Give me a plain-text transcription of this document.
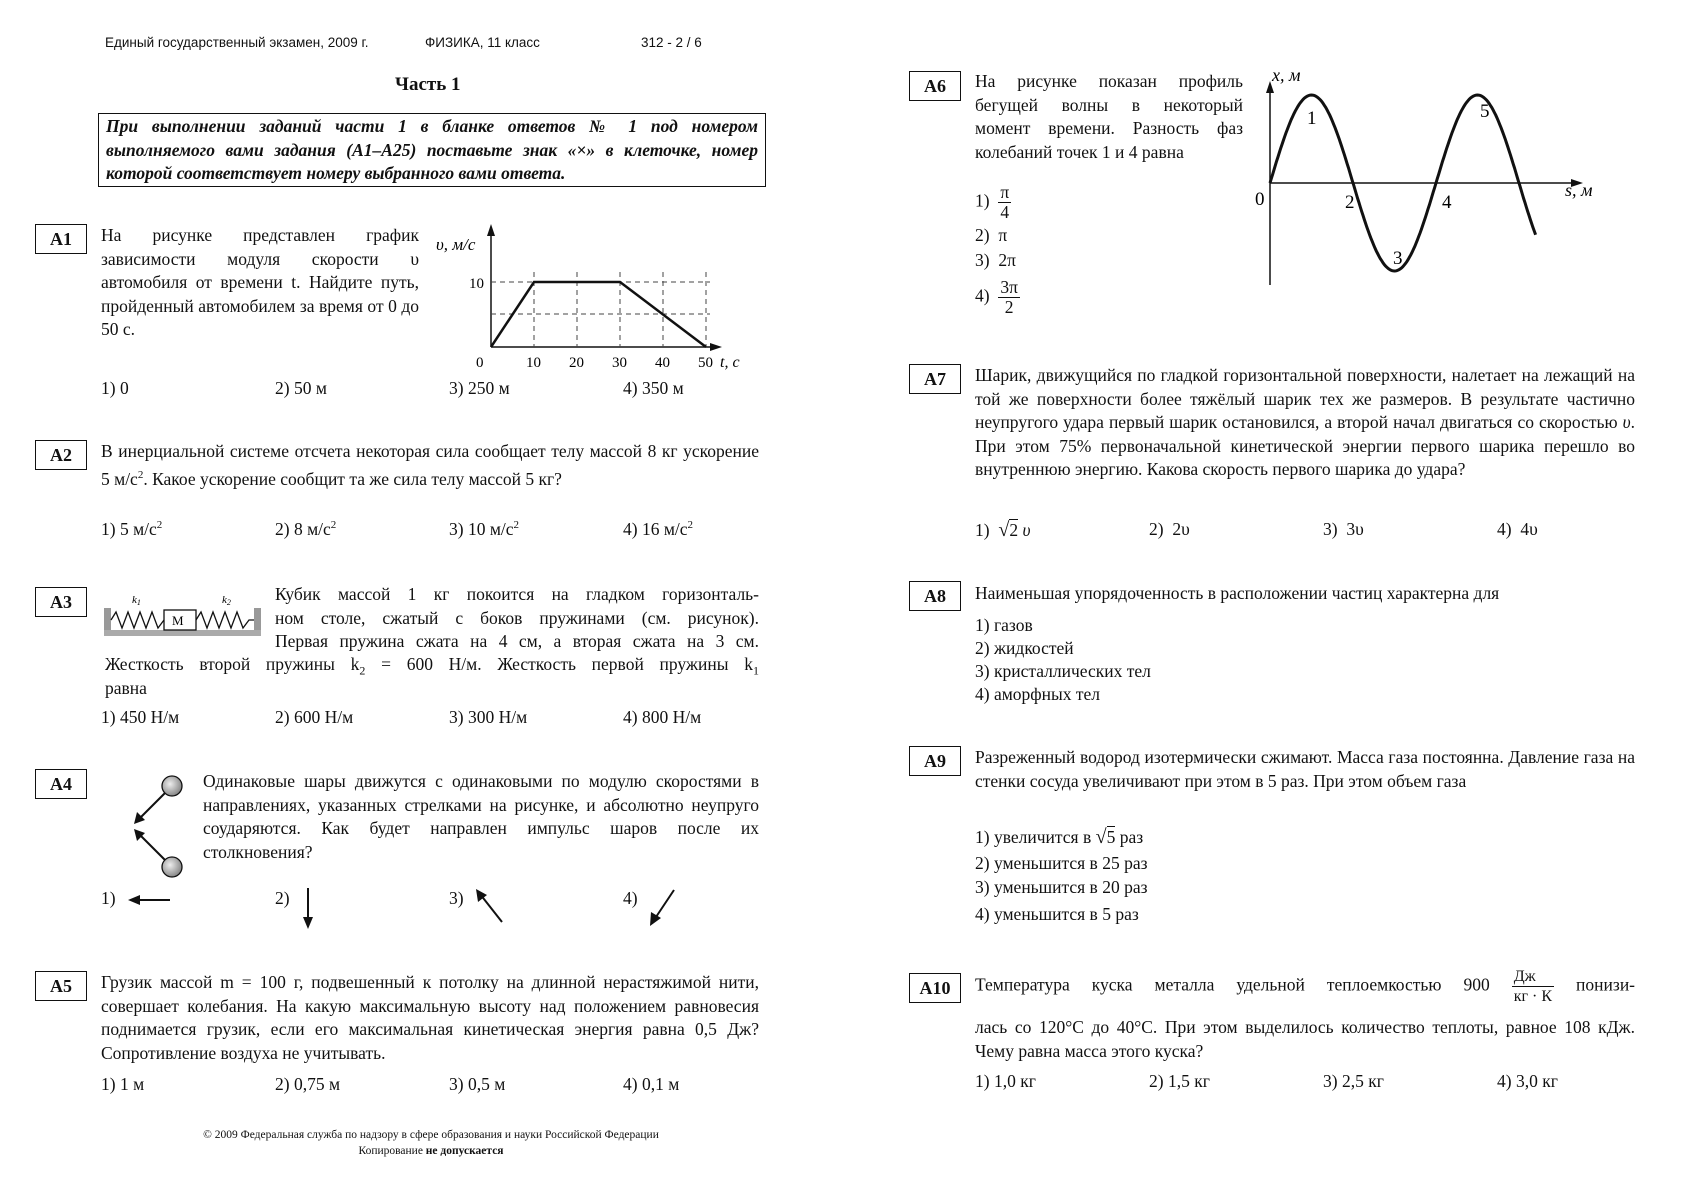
Единый государственный экзамен, 2009 г.	ФИЗИКА, 11 класс	312 - 2 / 6
Часть 1
При выполнении заданий части 1 в бланке ответов № 1 под номером выполняемого вами задания (А1–А25) поставьте знак «×» в клеточке, номер которой соответствует номеру выбранного вами ответа.
А1	На рисунке представлен график зависимости модуля скорости υ автомобиля от времени t. Найдите путь, пройденный автомобилем за время от 0 до 50 с.
υ, м/с
10
0	10 20 30 40 50 t, c
1) 0	2) 50 м	3) 250 м	4) 350 м
А2	В инерциальной системе отсчета некоторая сила сообщает телу массой 8 кг ускорение 5 $м/с^2$. Какое ускорение сообщит та же сила телу массой 5 кг?
1) 5 $м/с^2$	2) 8 $м/с^2$	3) 10 $м/с^2$	4) 16 $м/с^2$
А3
M
k1	k2	Кубик массой 1 кг покоится на гладком горизонталь-
ном столе, сжатый с боков пружинами (см. рисунок).
Первая пружина сжата на 4 см, а вторая сжата на 3 см.
Жесткость второй пружины $k_2 = 600$ Н/м. Жесткость первой пружины $k_1$
равна
1) 450 Н/м	2) 600 Н/м	3) 300 Н/м	4) 800 Н/м
А4	Одинаковые шары движутся с одинаковыми по модулю скоростями в направлениях, указанных стрелками на рисунке, и абсолютно неупруго соударяются. Как будет направлен импульс шаров после их столкновения?
1)	2)	3)	4)
А5	Грузик массой m = 100 г, подвешенный к потолку на длинной нерастяжимой нити, совершает колебания. На какую максимальную высоту над положением равновесия поднимается грузик, если его максимальная кинетическая энергия равна 0,5 Дж? Сопротивление воздуха не учитывать.
1) 1 м	2) 0,75 м	3) 0,5 м	4) 0,1 м
© 2009 Федеральная служба по надзору в сфере образования и науки Российской Федерации
Копирование не допускается
А6	На рисунке показан профиль бегущей волны в некоторый момент времени. Разность фаз колебаний точек 1 и 4 равна
$1) \frac{\pi}{4}$
2) π
3) 2π
$4) \frac{3\pi}{2}$
x, м
s, м
0	2	4
1
3
5
А7	Шарик, движущийся по гладкой горизонтальной поверхности, налетает на лежащий на той же поверхности более тяжёлый шарик тех же размеров. В результате частично неупругого удара первый шарик остановился, а второй начал двигаться со скоростью υ. При этом 75% первоначальной кинетической энергии первого шарика перешло во внутреннюю энергию. Какова скорость первого шарика до удара?
1) √2 υ	2) 2υ	3) 3υ	4) 4υ
А8	Наименьшая упорядоченность в расположении частиц характерна для
1) газов
2) жидкостей
3) кристаллических тел
4) аморфных тел
А9	Разреженный водород изотермически сжимают. Масса газа постоянна. Давление газа на стенки сосуда увеличивают при этом в 5 раз. При этом объем газа
1) увеличится в √5 раз
2) уменьшится в 25 раз
3) уменьшится в 20 раз
4) уменьшится в 5 раз
А10	Температура куска металла удельной теплоемкостью $900 \frac{Дж}{кг \cdot К}$ понизи-
лась со 120°С до 40°С. При этом выделилось количество теплоты, равное 108 кДж. Чему равна масса этого куска?
1) 1,0 кг	2) 1,5 кг	3) 2,5 кг	4) 3,0 кг
